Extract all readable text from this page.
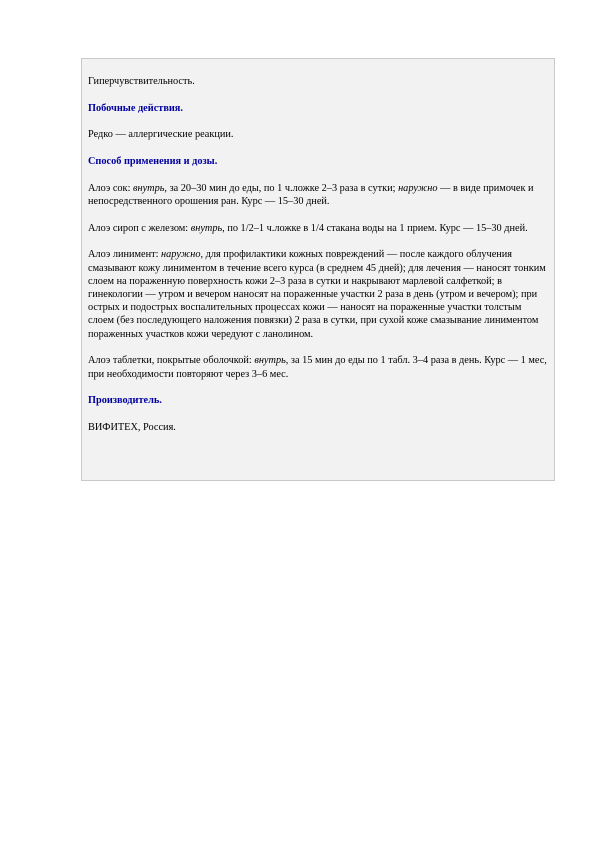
Гиперчувствительность.

Побочные действия.

Редко — аллергические реакции.

Способ применения и дозы.

Алоэ сок: внутрь, за 20–30 мин до еды, по 1 ч.ложке 2–3 раза в сутки; наружно — в виде примочек и непосредственного орошения ран. Курс — 15–30 дней.

Алоэ сироп с железом: внутрь, по 1/2–1 ч.ложке в 1/4 стакана воды на 1 прием. Курс — 15–30 дней.

Алоэ линимент: наружно, для профилактики кожных повреждений — после каждого облучения смазывают кожу линиментом в течение всего курса (в среднем 45 дней); для лечения — наносят тонким слоем на пораженную поверхность кожи 2–3 раза в сутки и накрывают марлевой салфеткой; в гинекологии — утром и вечером наносят на пораженные участки 2 раза в день (утром и вечером); при острых и подострых воспалительных процессах кожи — наносят на пораженные участки толстым слоем (без последующего наложения повязки) 2 раза в сутки, при сухой коже смазывание линиментом пораженных участков кожи чередуют с ланолином.

Алоэ таблетки, покрытые оболочкой: внутрь, за 15 мин до еды по 1 табл. 3–4 раза в день. Курс — 1 мес, при необходимости повторяют через 3–6 мес.

Производитель.

ВИФИТЕХ, Россия.
